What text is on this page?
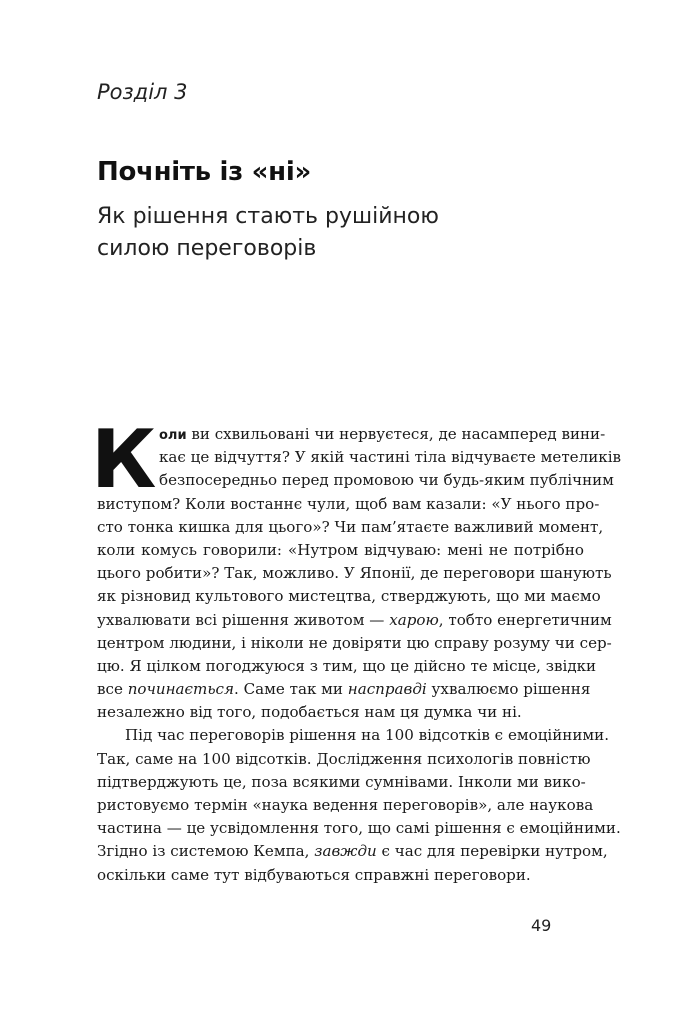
Розділ 3
Почніть із «ні»
Як рішення стають рушійною
силою переговорів
К оли ви схвильовані чи нервуєтеся, де насамперед вини-
кає це відчуття? У якій частині тіла відчуваєте метеликів
безпосередньо перед промовою чи будь-яким публічним
виступом? Коли востаннє чули, щоб вам казали: «У нього про-
сто тонка кишка для цього»? Чи пам’ятаєте важливий момент,
коли комусь говорили: «Нутром відчуваю: мені не потрібно
цього робити»? Так, можливо. У Японії, де переговори шанують
як різновид культового мистецтва, стверджують, що ми маємо
ухвалювати всі рішення животом — харою, тобто енергетичним
центром людини, і ніколи не довіряти цю справу розуму чи сер-
цю. Я цілком погоджуюся з тим, що це дійсно те місце, звідки
все починається. Саме так ми насправді ухвалюємо рішення
незалежно від того, подобається нам ця думка чи ні.
Під час переговорів рішення на 100 відсотків є емоційними.
Так, саме на 100 відсотків. Дослідження психологів повністю
підтверджують це, поза всякими сумнівами. Інколи ми вико-
ристовуємо термін «наука ведення переговорів», але наукова
частина — це усвідомлення того, що самі рішення є емоційними.
Згідно із системою Кемпа, завжди є час для перевірки нутром,
оскільки саме тут відбуваються справжні переговори.
49
